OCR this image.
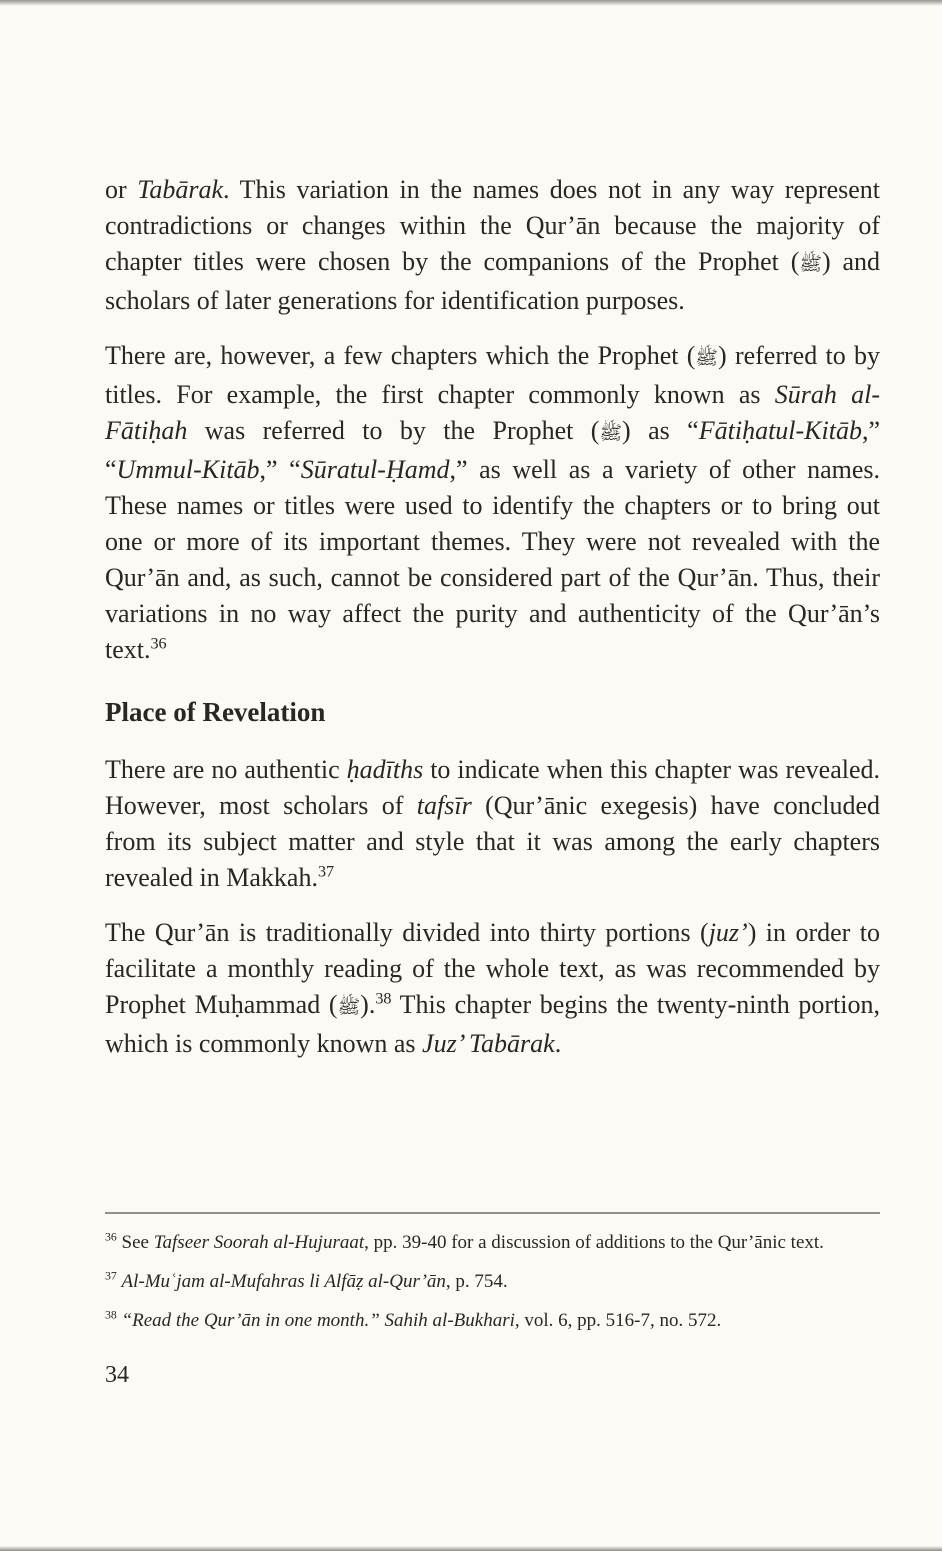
or Tabārak. This variation in the names does not in any way represent contradictions or changes within the Qur’ān because the majority of chapter titles were chosen by the companions of the Prophet (ﷺ) and scholars of later generations for identification purposes.

There are, however, a few chapters which the Prophet (ﷺ) referred to by titles. For example, the first chapter commonly known as Sūrah al-Fātiḥah was referred to by the Prophet (ﷺ) as “Fātiḥatul-Kitāb,” “Ummul-Kitāb,” “Sūratul-Ḥamd,” as well as a variety of other names. These names or titles were used to identify the chapters or to bring out one or more of its important themes. They were not revealed with the Qur’ān and, as such, cannot be considered part of the Qur’ān. Thus, their variations in no way affect the purity and authenticity of the Qur’ān’s text.$^{36}$

Place of Revelation

There are no authentic ḥadīths to indicate when this chapter was revealed. However, most scholars of tafsīr (Qur’ānic exegesis) have concluded from its subject matter and style that it was among the early chapters revealed in Makkah.$^{37}$

The Qur’ān is traditionally divided into thirty portions (juz’) in order to facilitate a monthly reading of the whole text, as was recommended by Prophet Muḥammad (ﷺ).$^{38}$ This chapter begins the twenty-ninth portion, which is commonly known as Juz’ Tabārak.

$^{36}$ See Tafseer Soorah al-Hujuraat, pp. 39-40 for a discussion of additions to the Qur’ānic text.

$^{37}$ Al-Muʿjam al-Mufahras li Alfāẓ al-Qur’ān, p. 754.

$^{38}$ “Read the Qur’ān in one month.” Sahih al-Bukhari, vol. 6, pp. 516-7, no. 572.

34
